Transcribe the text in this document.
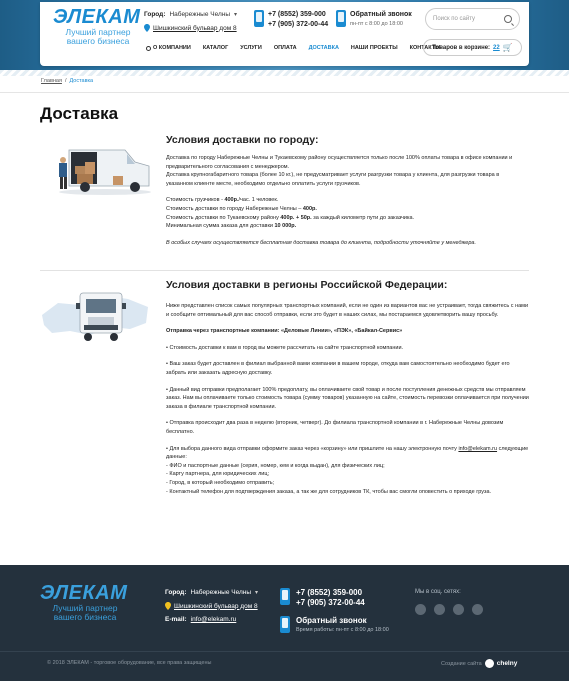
ЭЛЕКАМ
Лучший партнер вашего бизнеса
Город: Набережные Челны ▾
Шишкинский бульвар дом 8
+7 (8552) 359-000
+7 (905) 372-00-44
Обратный звонок
пн-пт с 8:00 до 18:00
Поиск по сайту
О КОМПАНИИ КАТАЛОГ УСЛУГИ ОПЛАТА ДОСТАВКА НАШИ ПРОЕКТЫ КОНТАКТЫ
Товаров в корзине: 22 🛒
Главная / Доставка
Доставка
Условия доставки по городу:

Доставка по городу Набережные Челны и Тукаевскому району осуществляется только после 100% оплаты товара в офисе компании и предварительного согласования с менеджером.

Доставка крупногабаритного товара (более 10 кг.), не предусматривает услуги разгрузки товара у клиента, для разгрузки товара в указанном клиенте месте, необходимо отдельно оплатить услуги грузчиков.

Стоимость грузчиков - 400р./час. 1 человек.

Стоимость доставки по городу Набережные Челны – 400р.

Стоимость доставки по Тукаевскому району 400р. + 50р. за каждый километр пути до заказчика.

Минимальная сумма заказа для доставки 10 000р.

В особых случаях осуществляется бесплатная доставка товара до клиента, подробности уточняйте у менеджера.

Условия доставки в регионы Российской Федерации:

Ниже представлен список самых популярных транспортных компаний, если не один из вариантов вас не устраивает, тогда свяжитесь с нами и сообщите оптимальный для вас способ отправки, если это будет в наших силах, мы постараемся удовлетворить вашу просьбу.

Отправка через транспортные компании: «Деловые Линии», «ПЭК», «Байкал-Сервис»

• Стоимость доставки к вам в город вы можете рассчитать на сайте транспортной компании.

• Ваш заказ будет доставлен в филиал выбранной вами компании в вашем городе, откуда вам самостоятельно необходимо будет его забрать или заказать адресную доставку.

• Данный вид отправки предполагает 100% предоплату, вы оплачиваете свой товар и после поступления денежных средств мы отправляем заказ. Нам вы оплачиваете только стоимость товара (сумму товаров) указанную на сайте, стоимость перевозки оплачивается при получении заказа в филиале транспортной компании.

• Отправка происходит два раза в неделю (вторник, четверг). До филиала транспортной компании в г. Набережные Челны довозим бесплатно.

• Для выбора данного вида отправки оформите заказ через «корзину» или пришлите на нашу электронную почту info@elekam.ru следующие данные:

- ФИО и паспортные данные (серия, номер, кем и когда выдан), для физических лиц;

- Карту партнера, для юридических лиц;

- Город, в который необходимо отправить;

- Контактный телефон для подтверждения заказа, а так же для сотрудников ТК, чтобы вас смогли оповестить о приходе груза.

ЭЛЕКАМ
Лучший партнер вашего бизнеса
Город: Набережные Челны ▾
Шишкинский бульвар дом 8
E-mail: info@elekam.ru
+7 (8552) 359-000
+7 (905) 372-00-44
Обратный звонок
Время работы: пн-пт с 8:00 до 18:00
Мы в соц. сетях:
© 2018 ЭЛЕКАМ - торговое оборудование, все права защищены	Создание сайта chelny
